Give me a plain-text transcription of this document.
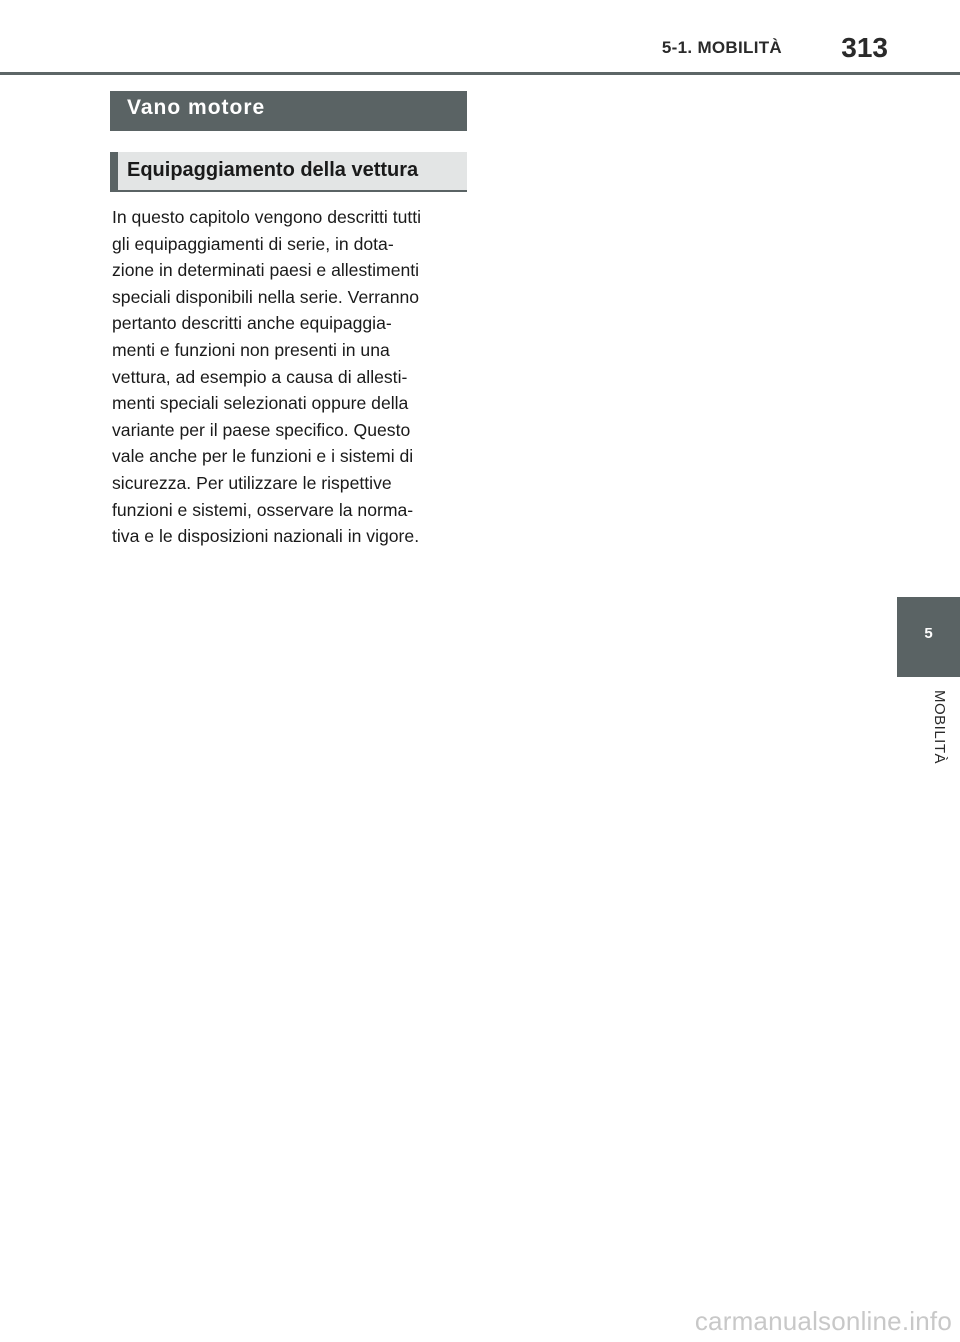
5-1. MOBILITÀ 313
Vano motore
Equipaggiamento della vettura
In questo capitolo vengono descritti tutti
gli equipaggiamenti di serie, in dota-
zione in determinati paesi e allestimenti
speciali disponibili nella serie. Verranno
pertanto descritti anche equipaggia-
menti e funzioni non presenti in una
vettura, ad esempio a causa di allesti-
menti speciali selezionati oppure della
variante per il paese specifico. Questo
vale anche per le funzioni e i sistemi di
sicurezza. Per utilizzare le rispettive
funzioni e sistemi, osservare la norma-
tiva e le disposizioni nazionali in vigore.
5
MOBILITÀ
carmanualsonline.info
